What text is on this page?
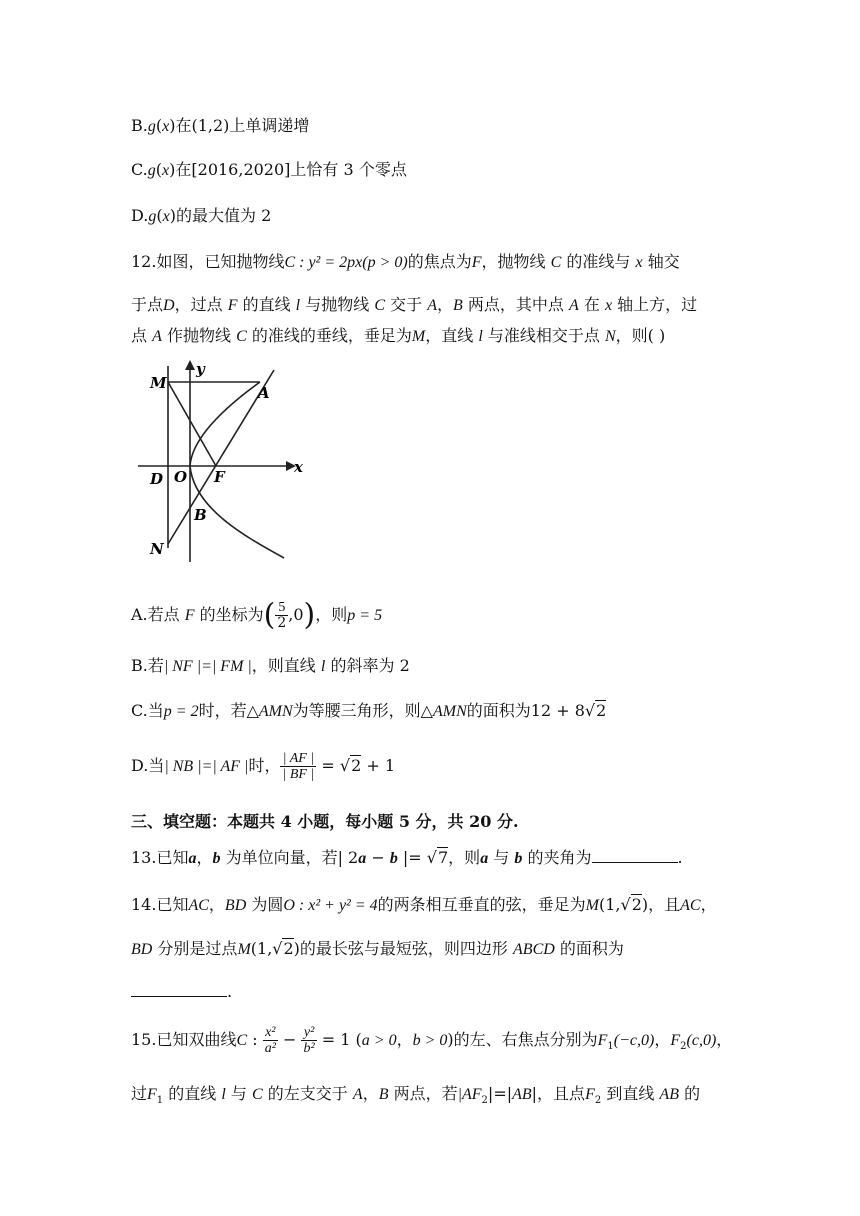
B.g(x)在(1,2)上单调递增
C.g(x)在[2016,2020]上恰有 3 个零点
D.g(x)的最大值为 2
12.如图，已知抛物线C : y² = 2px(p > 0)的焦点为F，抛物线 C 的准线与 x 轴交
于点D，过点 F 的直线 l 与抛物线 C 交于 A，B 两点，其中点 A 在 x 轴上方，过
点 A 作抛物线 C 的准线的垂线，垂足为M，直线 l 与准线相交于点 N，则( )
M
y
A
D O F
x
B
N
A.若点 F 的坐标为( $\frac{5}{2} ,0$)，则p = 5
B.若| NF |=| FM |，则直线 l 的斜率为 2
C.当p = 2时，若△AMN为等腰三角形，则△AMN的面积为12 + 8√2
D.当| NB |=| AF |时， $\frac{| AF |}{| BF |} = √2 + 1$
三、填空题：本题共 4 小题，每小题 5 分，共 20 分.
13.已知a，b 为单位向量，若| 2a − b |= √7，则a 与 b 的夹角为	.
14.已知AC，BD 为圆O : x² + y² = 4的两条相互垂直的弦，垂足为M(1,√2)，且AC，
BD 分别是过点M(1,√2)的最长弦与最短弦，则四边形 ABCD 的面积为
.
15.已知双曲线C : $\frac{\text{x²}}{\text{a²}} - \frac{\text{y²}}{\text{b²}} = 1$ (a > 0，b > 0)的左、右焦点分别为$F_1(-c,0)$，$F_2(c,0)$，
过$F_1$ 的直线 l 与 C 的左支交于 A，B 两点，若$|AF_2|=|AB|$，且点$F_2$ 到直线 AB 的
